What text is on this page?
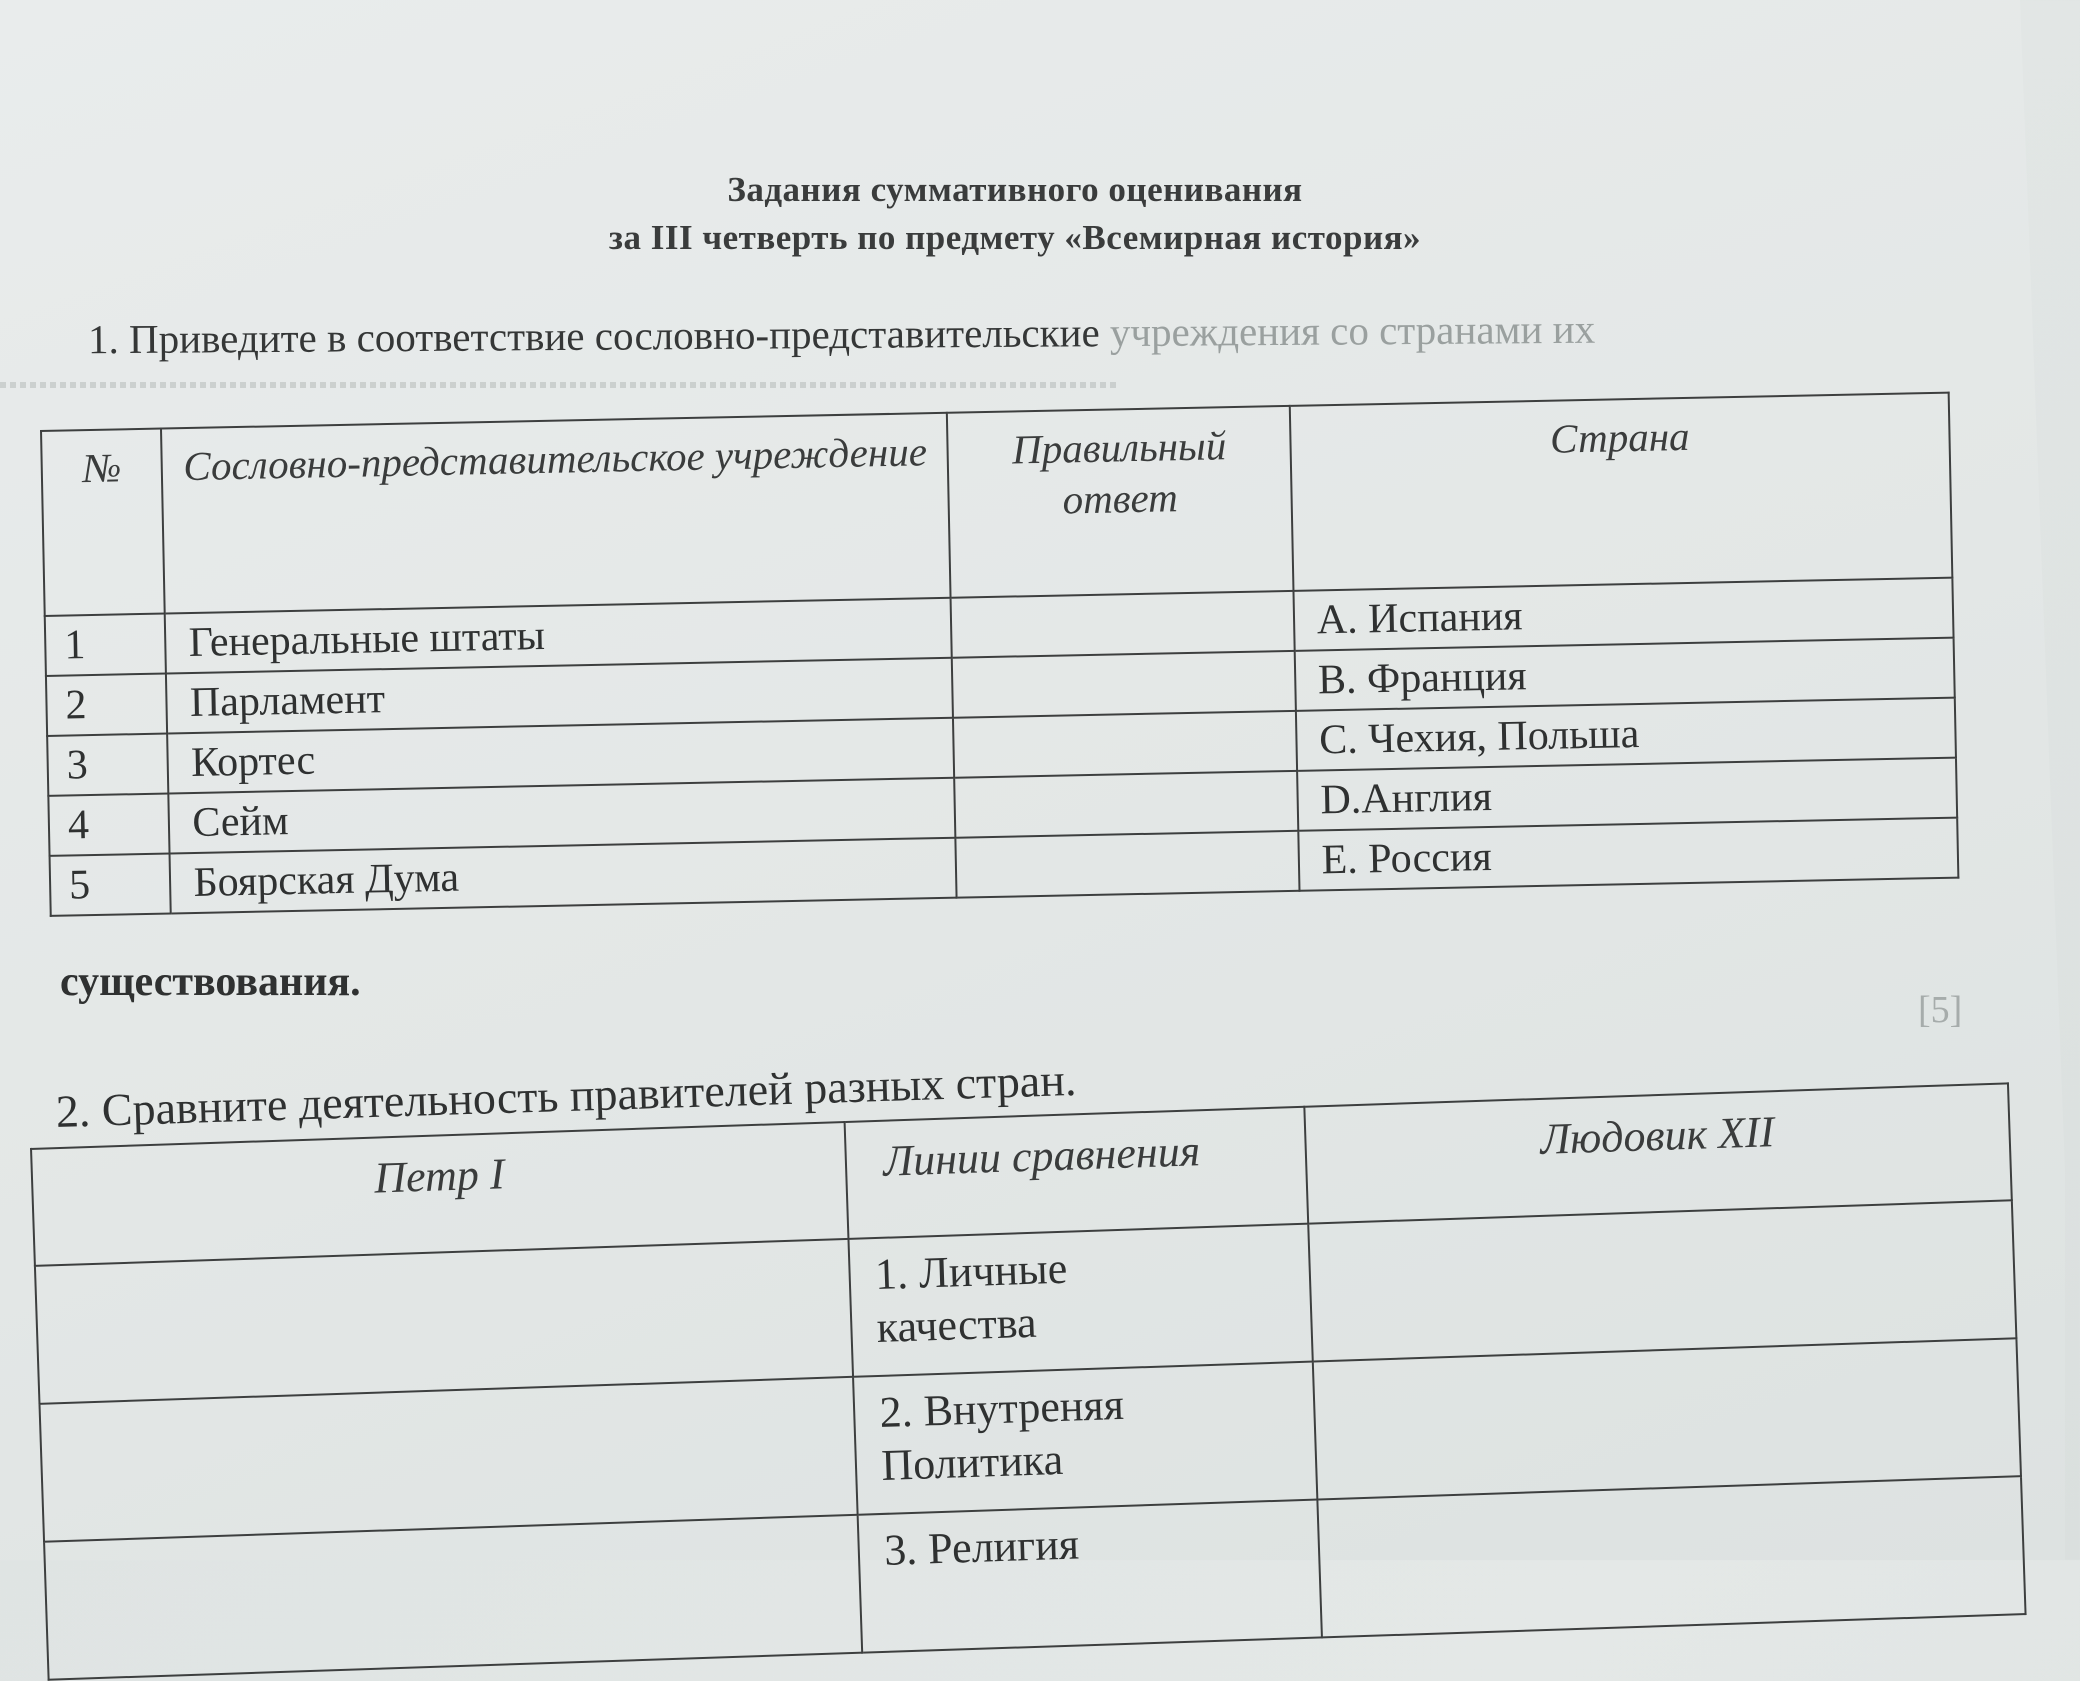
Задания суммативного оценивания
за III четверть по предмету «Всемирная история»
1. Приведите в соответствие сословно-представительские учреждения со странами их
№	Сословно-представительское учреждение	Правильный ответ	Страна
1	Генеральные штаты		A. Испания
2	Парламент		B. Франция
3	Кортес		C. Чехия, Польша
4	Сейм		D.Англия
5	Боярская Дума		E. Россия
существования.
[5]
2. Сравните деятельность правителей разных стран.
Петр I	Линии сравнения	Людовик XII

	1. Личные
качества	

	2. Внутреняя
Политика	

	3. Религия	
